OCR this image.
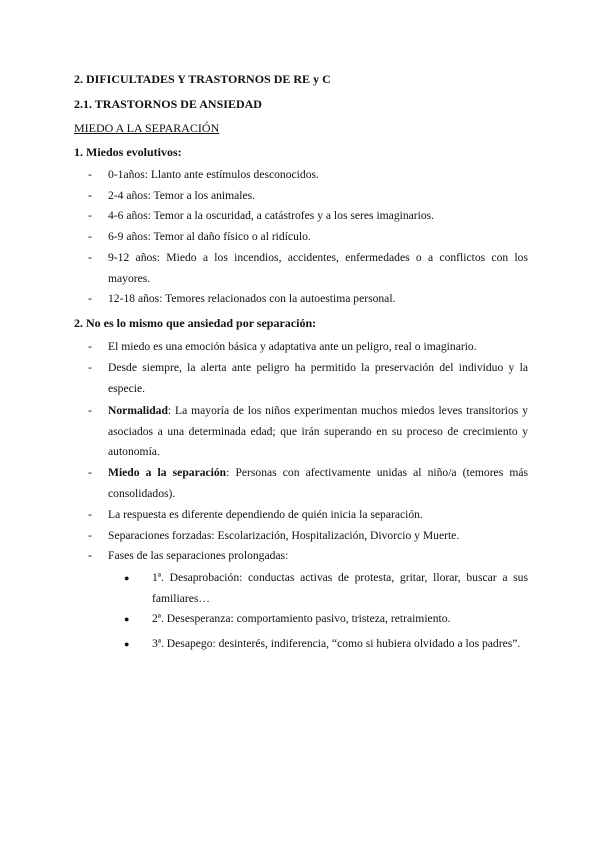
2. DIFICULTADES Y TRASTORNOS DE RE y C
2.1. TRASTORNOS DE ANSIEDAD
MIEDO A LA SEPARACIÓN
1. Miedos evolutivos:
- 0-1años: Llanto ante estímulos desconocidos.
- 2-4 años: Temor a los animales.
- 4-6 años: Temor a la oscuridad, a catástrofes y a los seres imaginarios.
- 6-9 años: Temor al daño físico o al ridículo.
- 9-12 años: Miedo a los incendios, accidentes, enfermedades o a conflictos con los mayores.
- 12-18 años: Temores relacionados con la autoestima personal.
2. No es lo mismo que ansiedad por separación:
- El miedo es una emoción básica y adaptativa ante un peligro, real o imaginario.
- Desde siempre, la alerta ante peligro ha permitido la preservación del individuo y la especie.
- Normalidad: La mayoría de los niños experimentan muchos miedos leves transitorios y asociados a una determinada edad; que irán superando en su proceso de crecimiento y autonomía.
- Miedo a la separación: Personas con afectivamente unidas al niño/a (temores más consolidados).
- La respuesta es diferente dependiendo de quién inicia la separación.
- Separaciones forzadas: Escolarización, Hospitalización, Divorcio y Muerte.
- Fases de las separaciones prolongadas:
● 1ª. Desaprobación: conductas activas de protesta, gritar, llorar, buscar a sus familiares…
● 2ª. Desesperanza: comportamiento pasivo, tristeza, retraimiento.
● 3ª. Desapego: desinterés, indiferencia, “como si hubiera olvidado a los padres”.
